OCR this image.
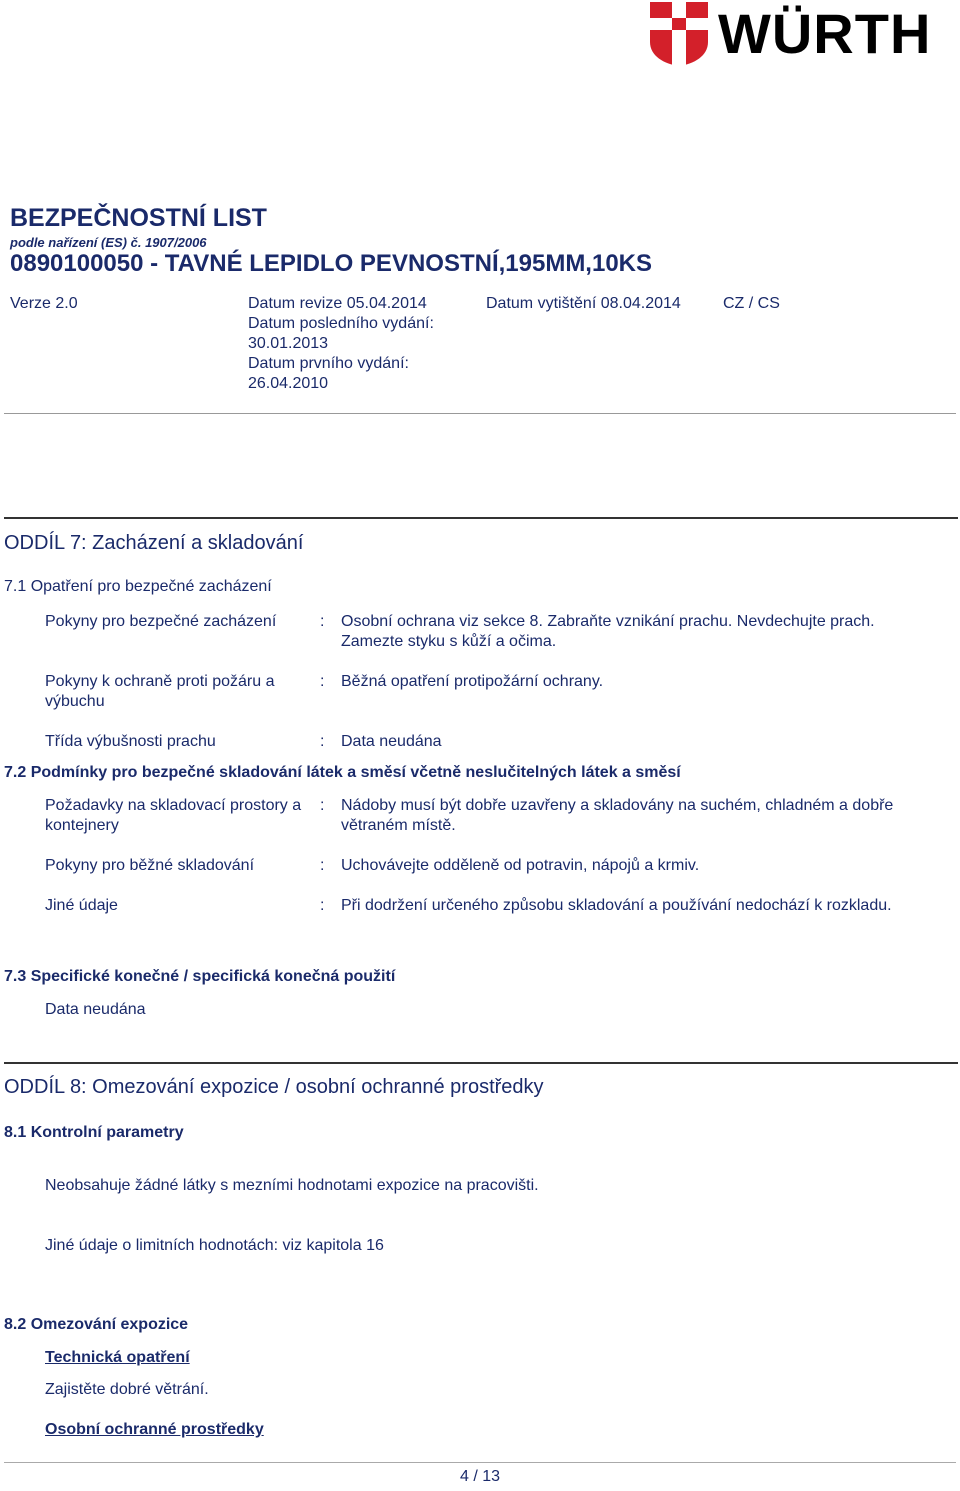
WÜRTH
BEZPEČNOSTNÍ LIST
podle nařízení (ES) č. 1907/2006
0890100050 - TAVNÉ LEPIDLO PEVNOSTNÍ,195MM,10KS
Verze 2.0	Datum revize 05.04.2014
Datum posledního vydání:
30.01.2013
Datum prvního vydání:
26.04.2010
Datum vytištění 08.04.2014	CZ / CS
ODDÍL 7: Zacházení a skladování
7.1 Opatření pro bezpečné zacházení
Pokyny pro bezpečné zacházení	: Osobní ochrana viz sekce 8. Zabraňte vznikání prachu. Nevdechujte prach. Zamezte styku s kůží a očima.
Pokyny k ochraně proti požáru a výbuchu
: Běžná opatření protipožární ochrany.
Třída výbušnosti prachu	: Data neudána
7.2 Podmínky pro bezpečné skladování látek a směsí včetně neslučitelných látek a směsí
Požadavky na skladovací prostory a kontejnery
: Nádoby musí být dobře uzavřeny a skladovány na suchém, chladném a dobře větraném místě.
Pokyny pro běžné skladování	: Uchovávejte odděleně od potravin, nápojů a krmiv.
Jiné údaje	: Při dodržení určeného způsobu skladování a používání nedochází k rozkladu.
7.3 Specifické konečné / specifická konečná použití
Data neudána
ODDÍL 8: Omezování expozice / osobní ochranné prostředky
8.1 Kontrolní parametry
Neobsahuje žádné látky s mezními hodnotami expozice na pracovišti.
Jiné údaje o limitních hodnotách: viz kapitola 16
8.2 Omezování expozice
Technická opatření
Zajistěte dobré větrání.
Osobní ochranné prostředky
4 / 13
